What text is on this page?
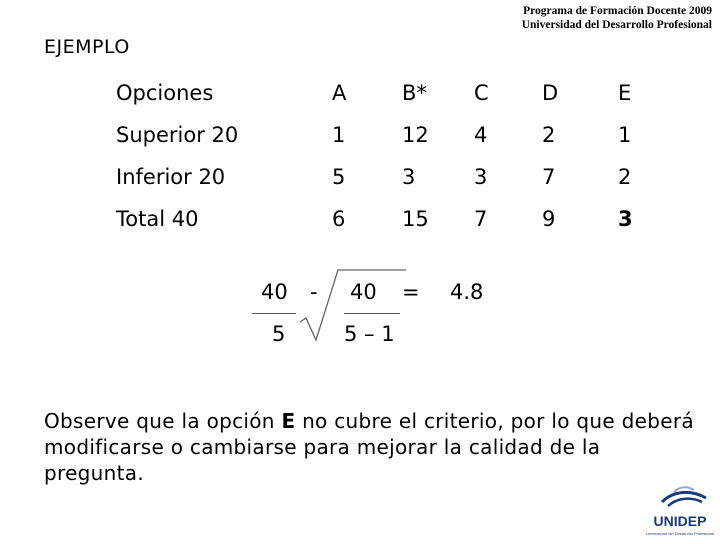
Programa de Formación Docente 2009
Universidad del Desarrollo Profesional
EJEMPLO
Opciones	A	B*	C	D	E
Superior 20	1	12	4	2	1
Inferior 20	5	3	3	7	2
Total 40	6	15	7	9	3
40
5
- 40
5 – 1
= 4.8
Observe que la opción E no cubre el criterio, por lo que deberá modificarse o cambiarse para mejorar la calidad de la pregunta.
UNIDEP
Universidad del Desarrollo Profesional
